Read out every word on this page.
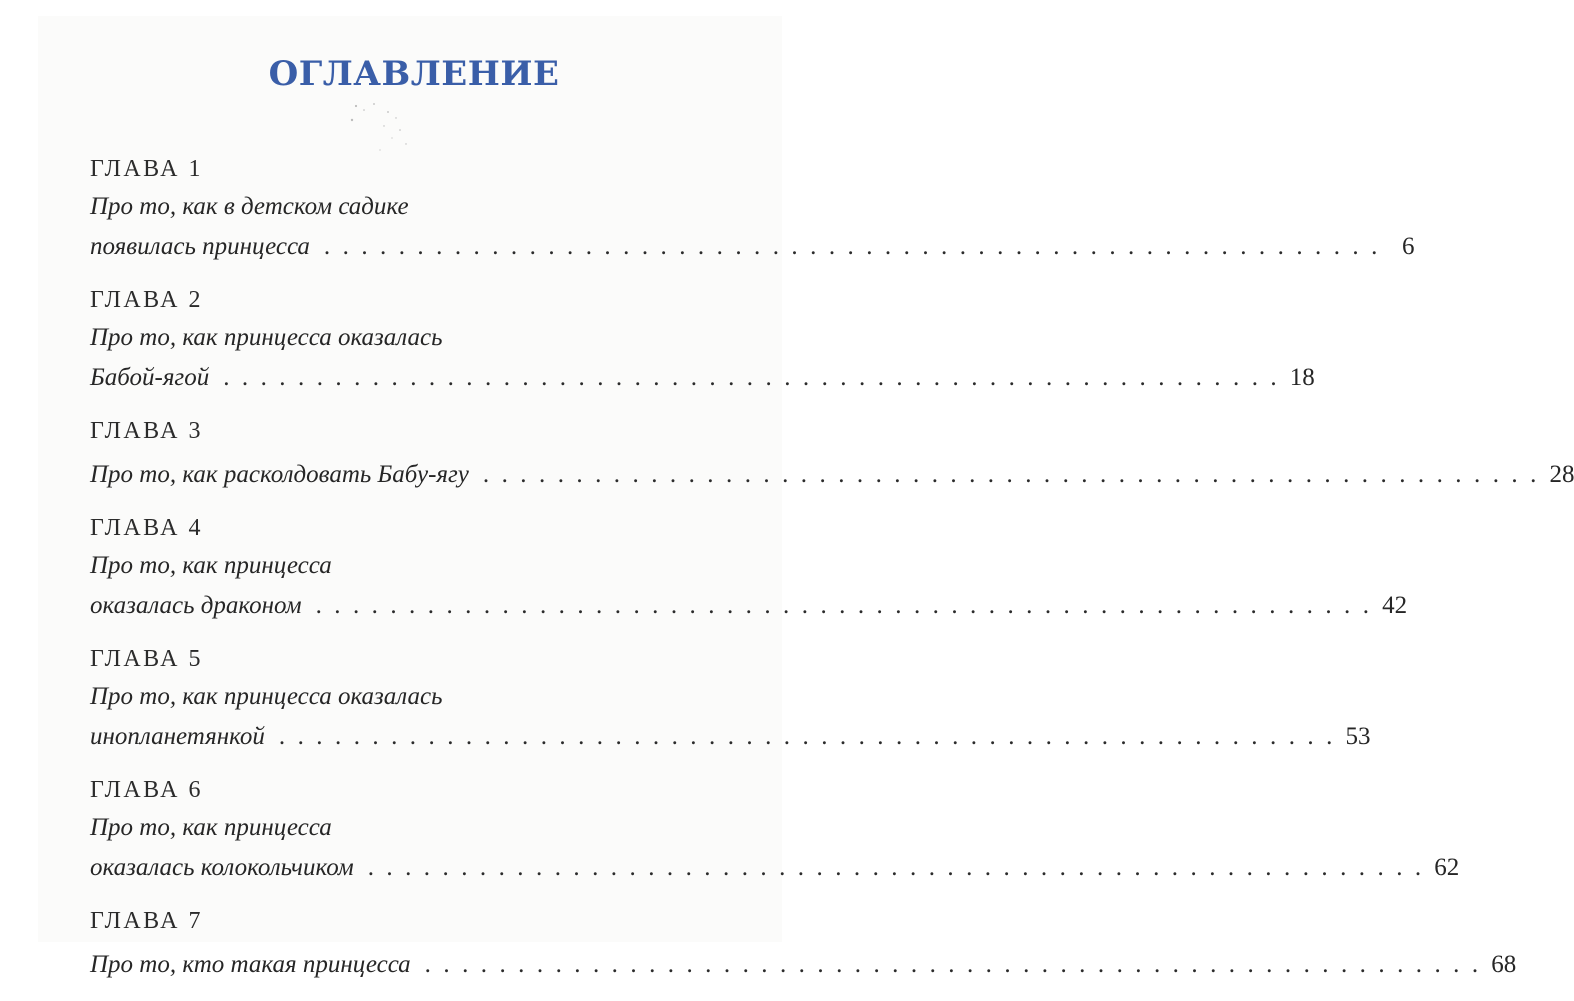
ОГЛАВЛЕНИЕ
ГЛАВА 1
Про то, как в детском садике
появилась принцесса . . . . . . . . . . . . . . . . . . . . . . . . . . . . . . . . . . . . . . . . . . . . . . . . . . . . . . . . . 6
ГЛАВА 2
Про то, как принцесса оказалась
Бабой-ягой . . . . . . . . . . . . . . . . . . . . . . . . . . . . . . . . . . . . . . . . . . . . . . . . . . . . . . . . . 18
ГЛАВА 3
Про то, как расколдовать Бабу-ягу . . . . . . . . . . . . . . . . . . . . . . . . . . . . . . . . . . . . . . . . . . . . . . . . . . . . . . . . . 28
ГЛАВА 4
Про то, как принцесса
оказалась драконом . . . . . . . . . . . . . . . . . . . . . . . . . . . . . . . . . . . . . . . . . . . . . . . . . . . . . . . . . 42
ГЛАВА 5
Про то, как принцесса оказалась
инопланетянкой . . . . . . . . . . . . . . . . . . . . . . . . . . . . . . . . . . . . . . . . . . . . . . . . . . . . . . . . . 53
ГЛАВА 6
Про то, как принцесса
оказалась колокольчиком . . . . . . . . . . . . . . . . . . . . . . . . . . . . . . . . . . . . . . . . . . . . . . . . . . . . . . . . . 62
ГЛАВА 7
Про то, кто такая принцесса . . . . . . . . . . . . . . . . . . . . . . . . . . . . . . . . . . . . . . . . . . . . . . . . . . . . . . . . . 68
